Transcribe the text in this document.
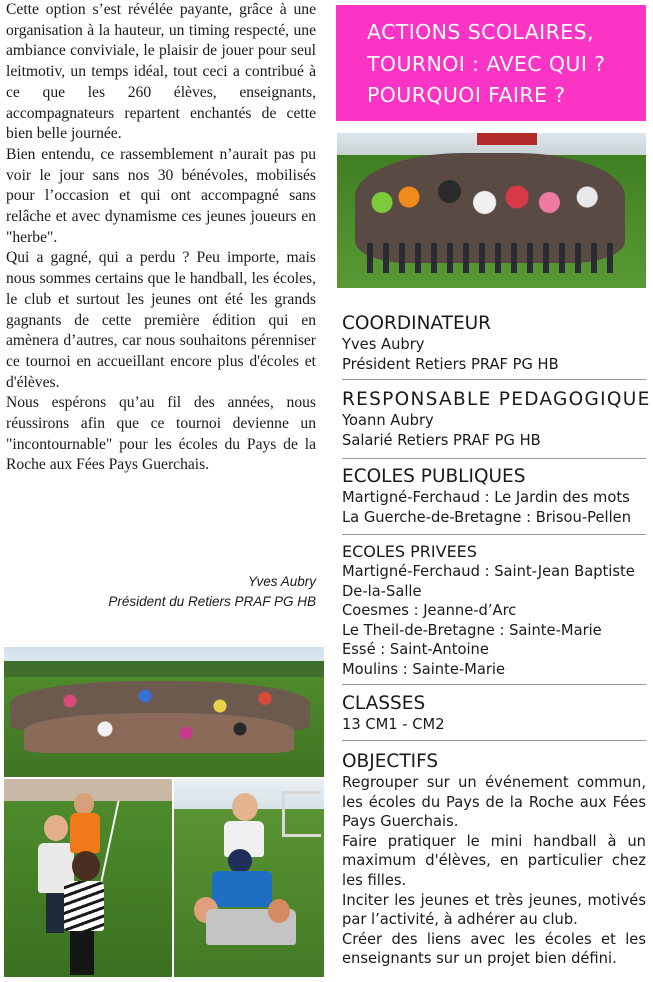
Cette option s’est révélée payante, grâce à une organisation à la hauteur, un timing respecté, une ambiance conviviale, le plaisir de jouer pour seul leitmotiv, un temps idéal, tout ceci a contribué à ce que les 260 élèves, enseignants, accompagnateurs repartent enchantés de cette bien belle journée.

Bien entendu, ce rassemblement n’aurait pas pu voir le jour sans nos 30 bénévoles, mobilisés pour l’occasion et qui ont accompagné sans relâche et avec dynamisme ces jeunes joueurs en "herbe".

Qui a gagné, qui a perdu ? Peu importe, mais nous sommes certains que le handball, les écoles, le club et surtout les jeunes ont été les grands gagnants de cette première édition qui en amènera d’autres, car nous souhaitons pérenniser ce tournoi en accueillant encore plus d'écoles et d'élèves.

Nous espérons qu’au fil des années, nous réussirons afin que ce tournoi devienne un "incontournable" pour les écoles du Pays de la Roche aux Fées Pays Guerchais.

Yves Aubry
Président du Retiers PRAF PG HB
ACTIONS SCOLAIRES,
TOURNOI : AVEC QUI ?
POURQUOI FAIRE ?
COORDINATEUR
Yves Aubry
Président Retiers PRAF PG HB
RESPONSABLE PEDAGOGIQUE
Yoann Aubry
Salarié Retiers PRAF PG HB
ECOLES PUBLIQUES
Martigné-Ferchaud : Le Jardin des mots
La Guerche-de-Bretagne : Brisou-Pellen
ECOLES PRIVEES
Martigné-Ferchaud : Saint-Jean Baptiste De-la-Salle
Coesmes : Jeanne-d’Arc
Le Theil-de-Bretagne : Sainte-Marie
Essé : Saint-Antoine
Moulins : Sainte-Marie
CLASSES
13 CM1 - CM2
OBJECTIFS
Regrouper sur un événement commun, les écoles du Pays de la Roche aux Fées Pays Guerchais.
Faire pratiquer le mini handball à un maximum d'élèves, en particulier chez les filles.
Inciter les jeunes et très jeunes, motivés par l’activité, à adhérer au club.
Créer des liens avec les écoles et les enseignants sur un projet bien défini.
